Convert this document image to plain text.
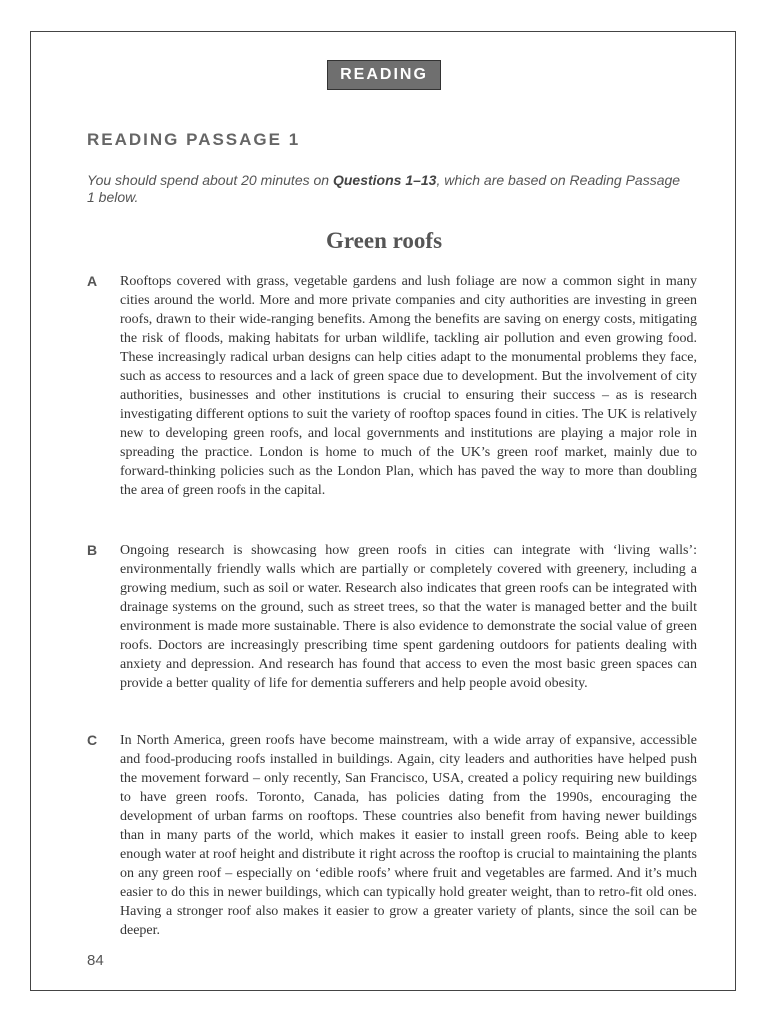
READING
READING PASSAGE 1
You should spend about 20 minutes on Questions 1–13, which are based on Reading Passage 1 below.
Green roofs
A Rooftops covered with grass, vegetable gardens and lush foliage are now a common sight in many cities around the world. More and more private companies and city authorities are investing in green roofs, drawn to their wide-ranging benefits. Among the benefits are saving on energy costs, mitigating the risk of floods, making habitats for urban wildlife, tackling air pollution and even growing food. These increasingly radical urban designs can help cities adapt to the monumental problems they face, such as access to resources and a lack of green space due to development. But the involvement of city authorities, businesses and other institutions is crucial to ensuring their success – as is research investigating different options to suit the variety of rooftop spaces found in cities. The UK is relatively new to developing green roofs, and local governments and institutions are playing a major role in spreading the practice. London is home to much of the UK’s green roof market, mainly due to forward-thinking policies such as the London Plan, which has paved the way to more than doubling the area of green roofs in the capital.
B Ongoing research is showcasing how green roofs in cities can integrate with ‘living walls’: environmentally friendly walls which are partially or completely covered with greenery, including a growing medium, such as soil or water. Research also indicates that green roofs can be integrated with drainage systems on the ground, such as street trees, so that the water is managed better and the built environment is made more sustainable. There is also evidence to demonstrate the social value of green roofs. Doctors are increasingly prescribing time spent gardening outdoors for patients dealing with anxiety and depression. And research has found that access to even the most basic green spaces can provide a better quality of life for dementia sufferers and help people avoid obesity.
C In North America, green roofs have become mainstream, with a wide array of expansive, accessible and food-producing roofs installed in buildings. Again, city leaders and authorities have helped push the movement forward – only recently, San Francisco, USA, created a policy requiring new buildings to have green roofs. Toronto, Canada, has policies dating from the 1990s, encouraging the development of urban farms on rooftops. These countries also benefit from having newer buildings than in many parts of the world, which makes it easier to install green roofs. Being able to keep enough water at roof height and distribute it right across the rooftop is crucial to maintaining the plants on any green roof – especially on ‘edible roofs’ where fruit and vegetables are farmed. And it’s much easier to do this in newer buildings, which can typically hold greater weight, than to retro-fit old ones. Having a stronger roof also makes it easier to grow a greater variety of plants, since the soil can be deeper.
84
